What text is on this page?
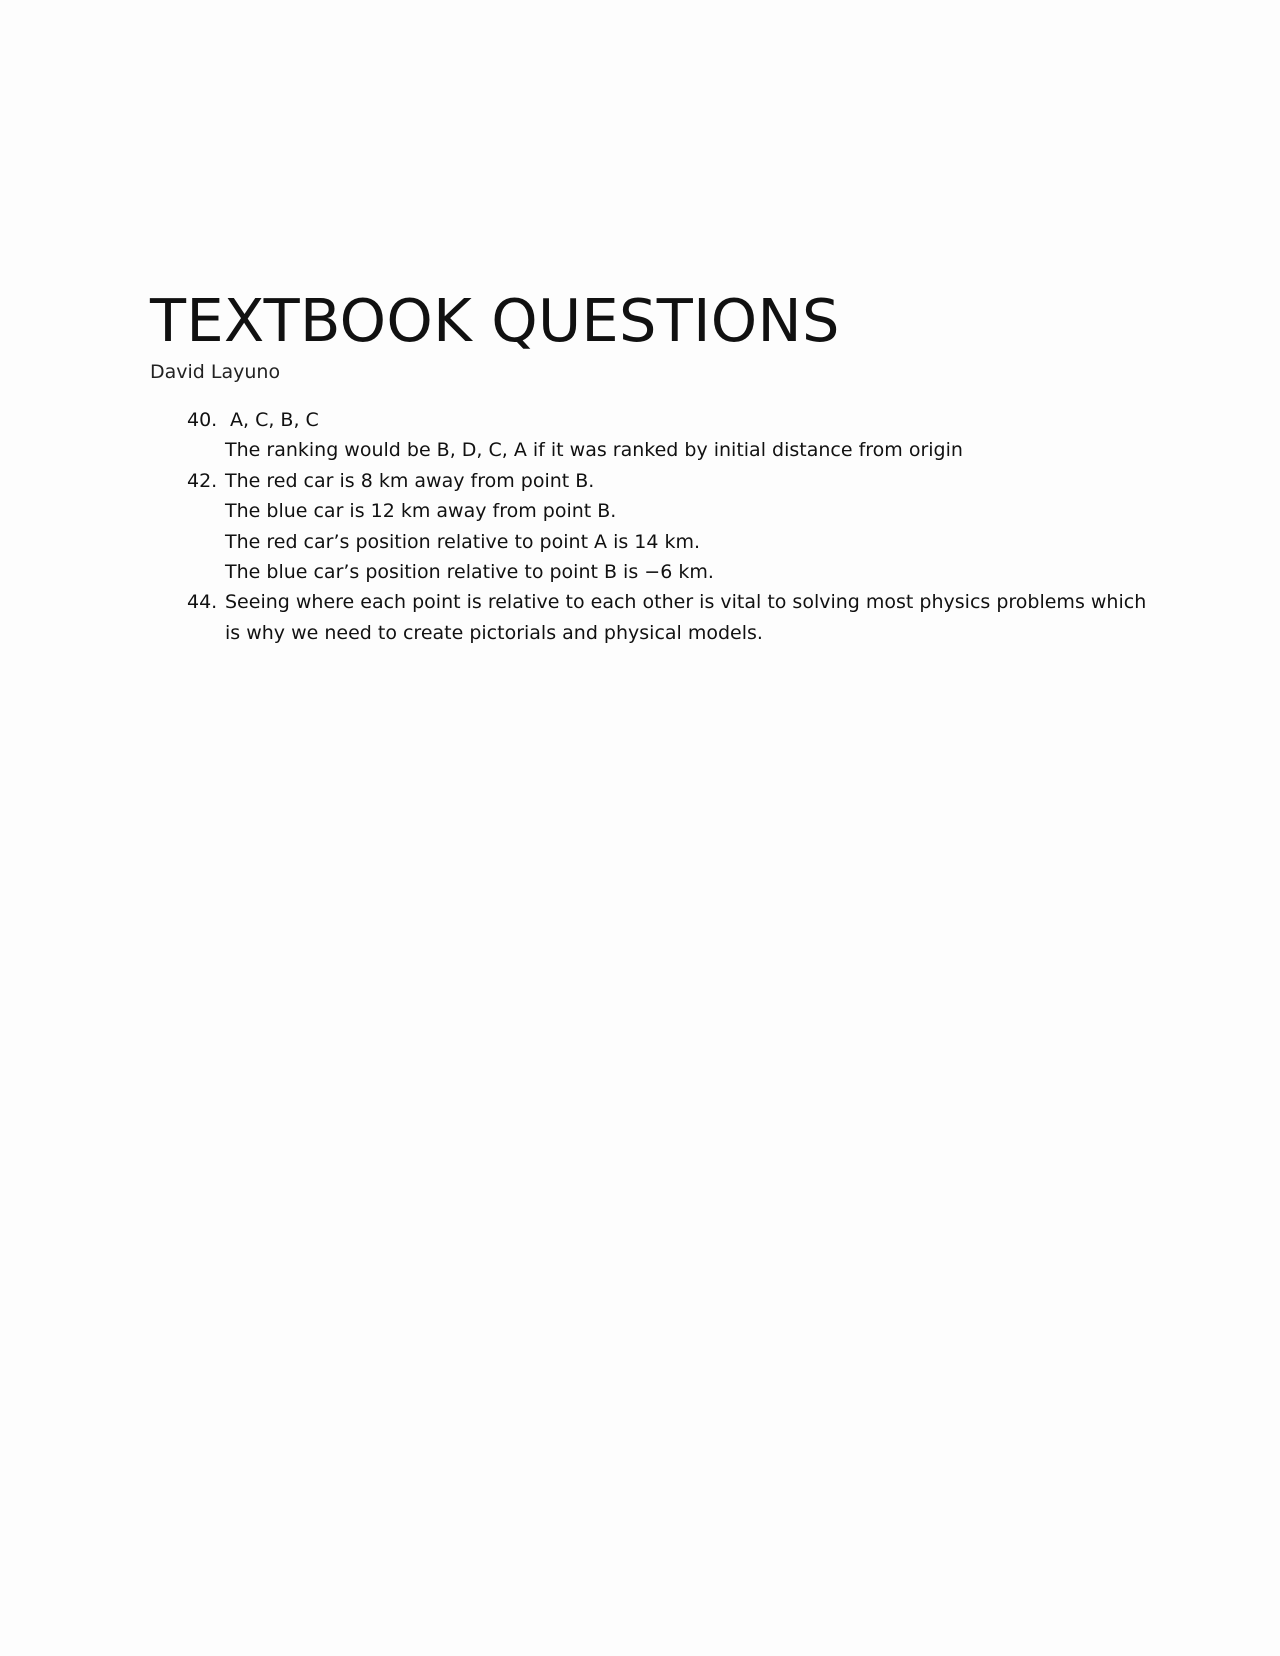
TEXTBOOK QUESTIONS

David Layuno

40. A, C, B, C
The ranking would be B, D, C, A if it was ranked by initial distance from origin
42. The red car is 8 km away from point B.
The blue car is 12 km away from point B.
The red car’s position relative to point A is 14 km.
The blue car’s position relative to point B is −6 km.
44. Seeing where each point is relative to each other is vital to solving most physics problems which is why we need to create pictorials and physical models.
